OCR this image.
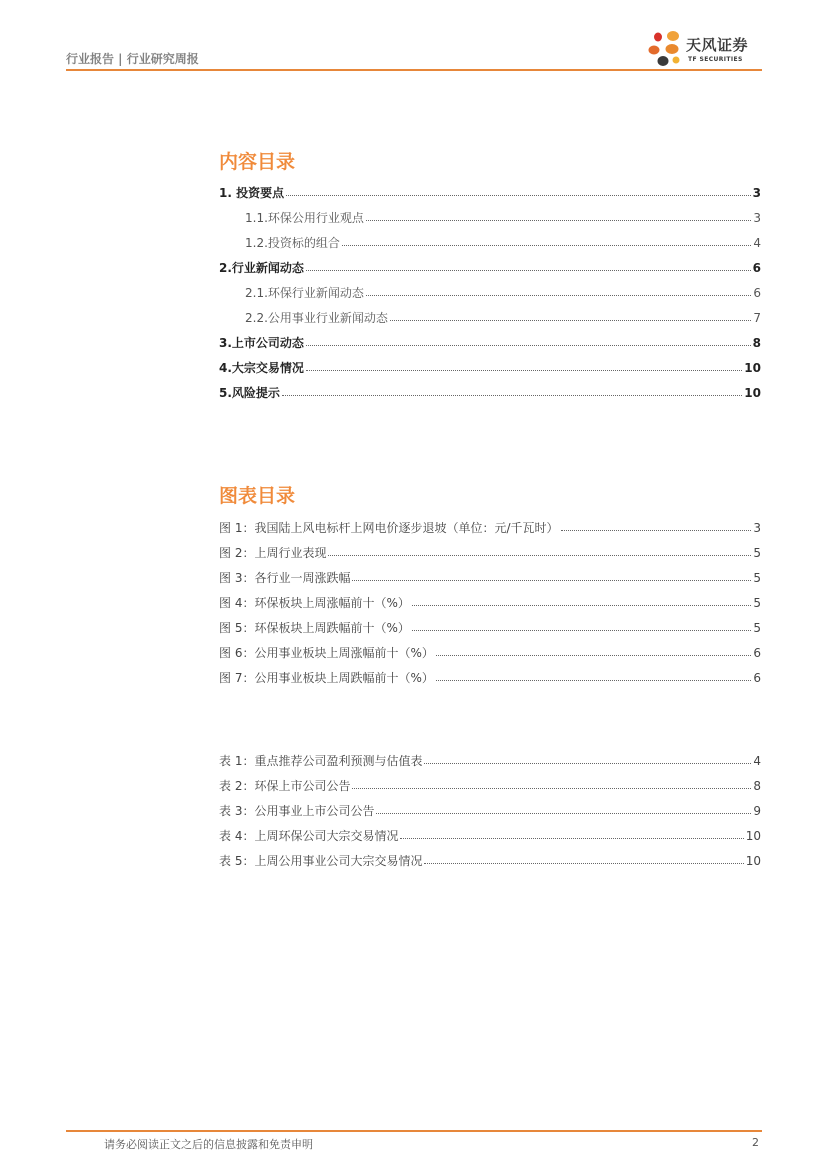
行业报告 | 行业研究周报
天风证券
TF SECURITIES
内容目录
1. 投资要点	3
1.1.环保公用行业观点	3
1.2.投资标的组合	4
2.行业新闻动态	6
2.1.环保行业新闻动态	6
2.2.公用事业行业新闻动态	7
3.上市公司动态	8
4.大宗交易情况	10
5.风险提示	10
图表目录
图 1：我国陆上风电标杆上网电价逐步退坡（单位：元/千瓦时）	3
图 2：上周行业表现	5
图 3：各行业一周涨跌幅	5
图 4：环保板块上周涨幅前十（%）	5
图 5：环保板块上周跌幅前十（%）	5
图 6：公用事业板块上周涨幅前十（%）	6
图 7：公用事业板块上周跌幅前十（%）	6
表 1：重点推荐公司盈利预测与估值表	4
表 2：环保上市公司公告	8
表 3：公用事业上市公司公告	9
表 4：上周环保公司大宗交易情况	10
表 5：上周公用事业公司大宗交易情况	10
请务必阅读正文之后的信息披露和免责申明	2
